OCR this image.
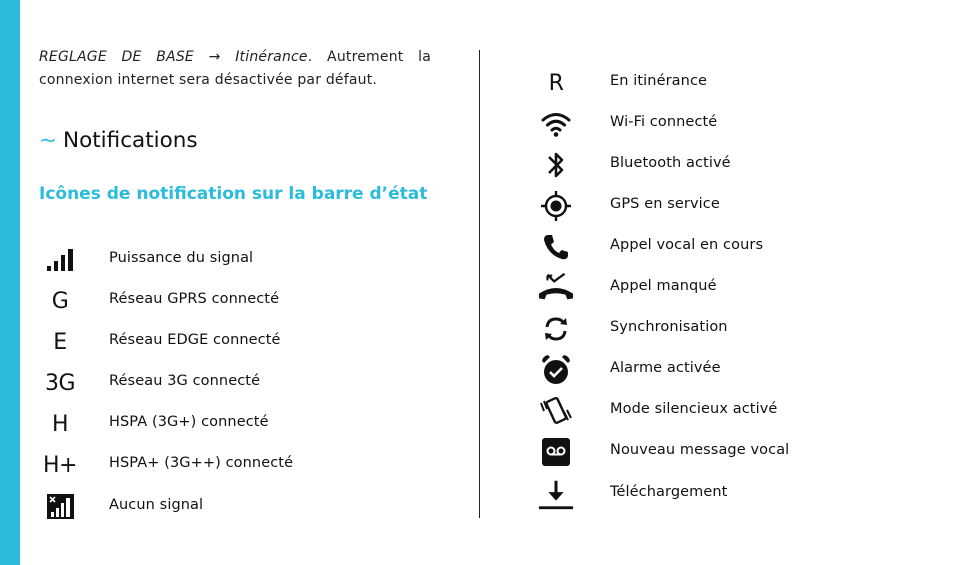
REGLAGE DE BASE → Itinérance. Autrement la
connexion internet sera désactivée par défaut.
~ Notifications
Icônes de notification sur la barre d’état
Puissance du signal
G	Réseau GPRS connecté
E	Réseau EDGE connecté
3G Réseau 3G connecté
H	HSPA (3G+) connecté
H+ HSPA+ (3G++) connecté
Aucun signal
R	En itinérance
Wi-Fi connecté
Bluetooth activé
GPS en service
Appel vocal en cours
Appel manqué
Synchronisation
Alarme activée
Mode silencieux activé
Nouveau message vocal
Téléchargement
